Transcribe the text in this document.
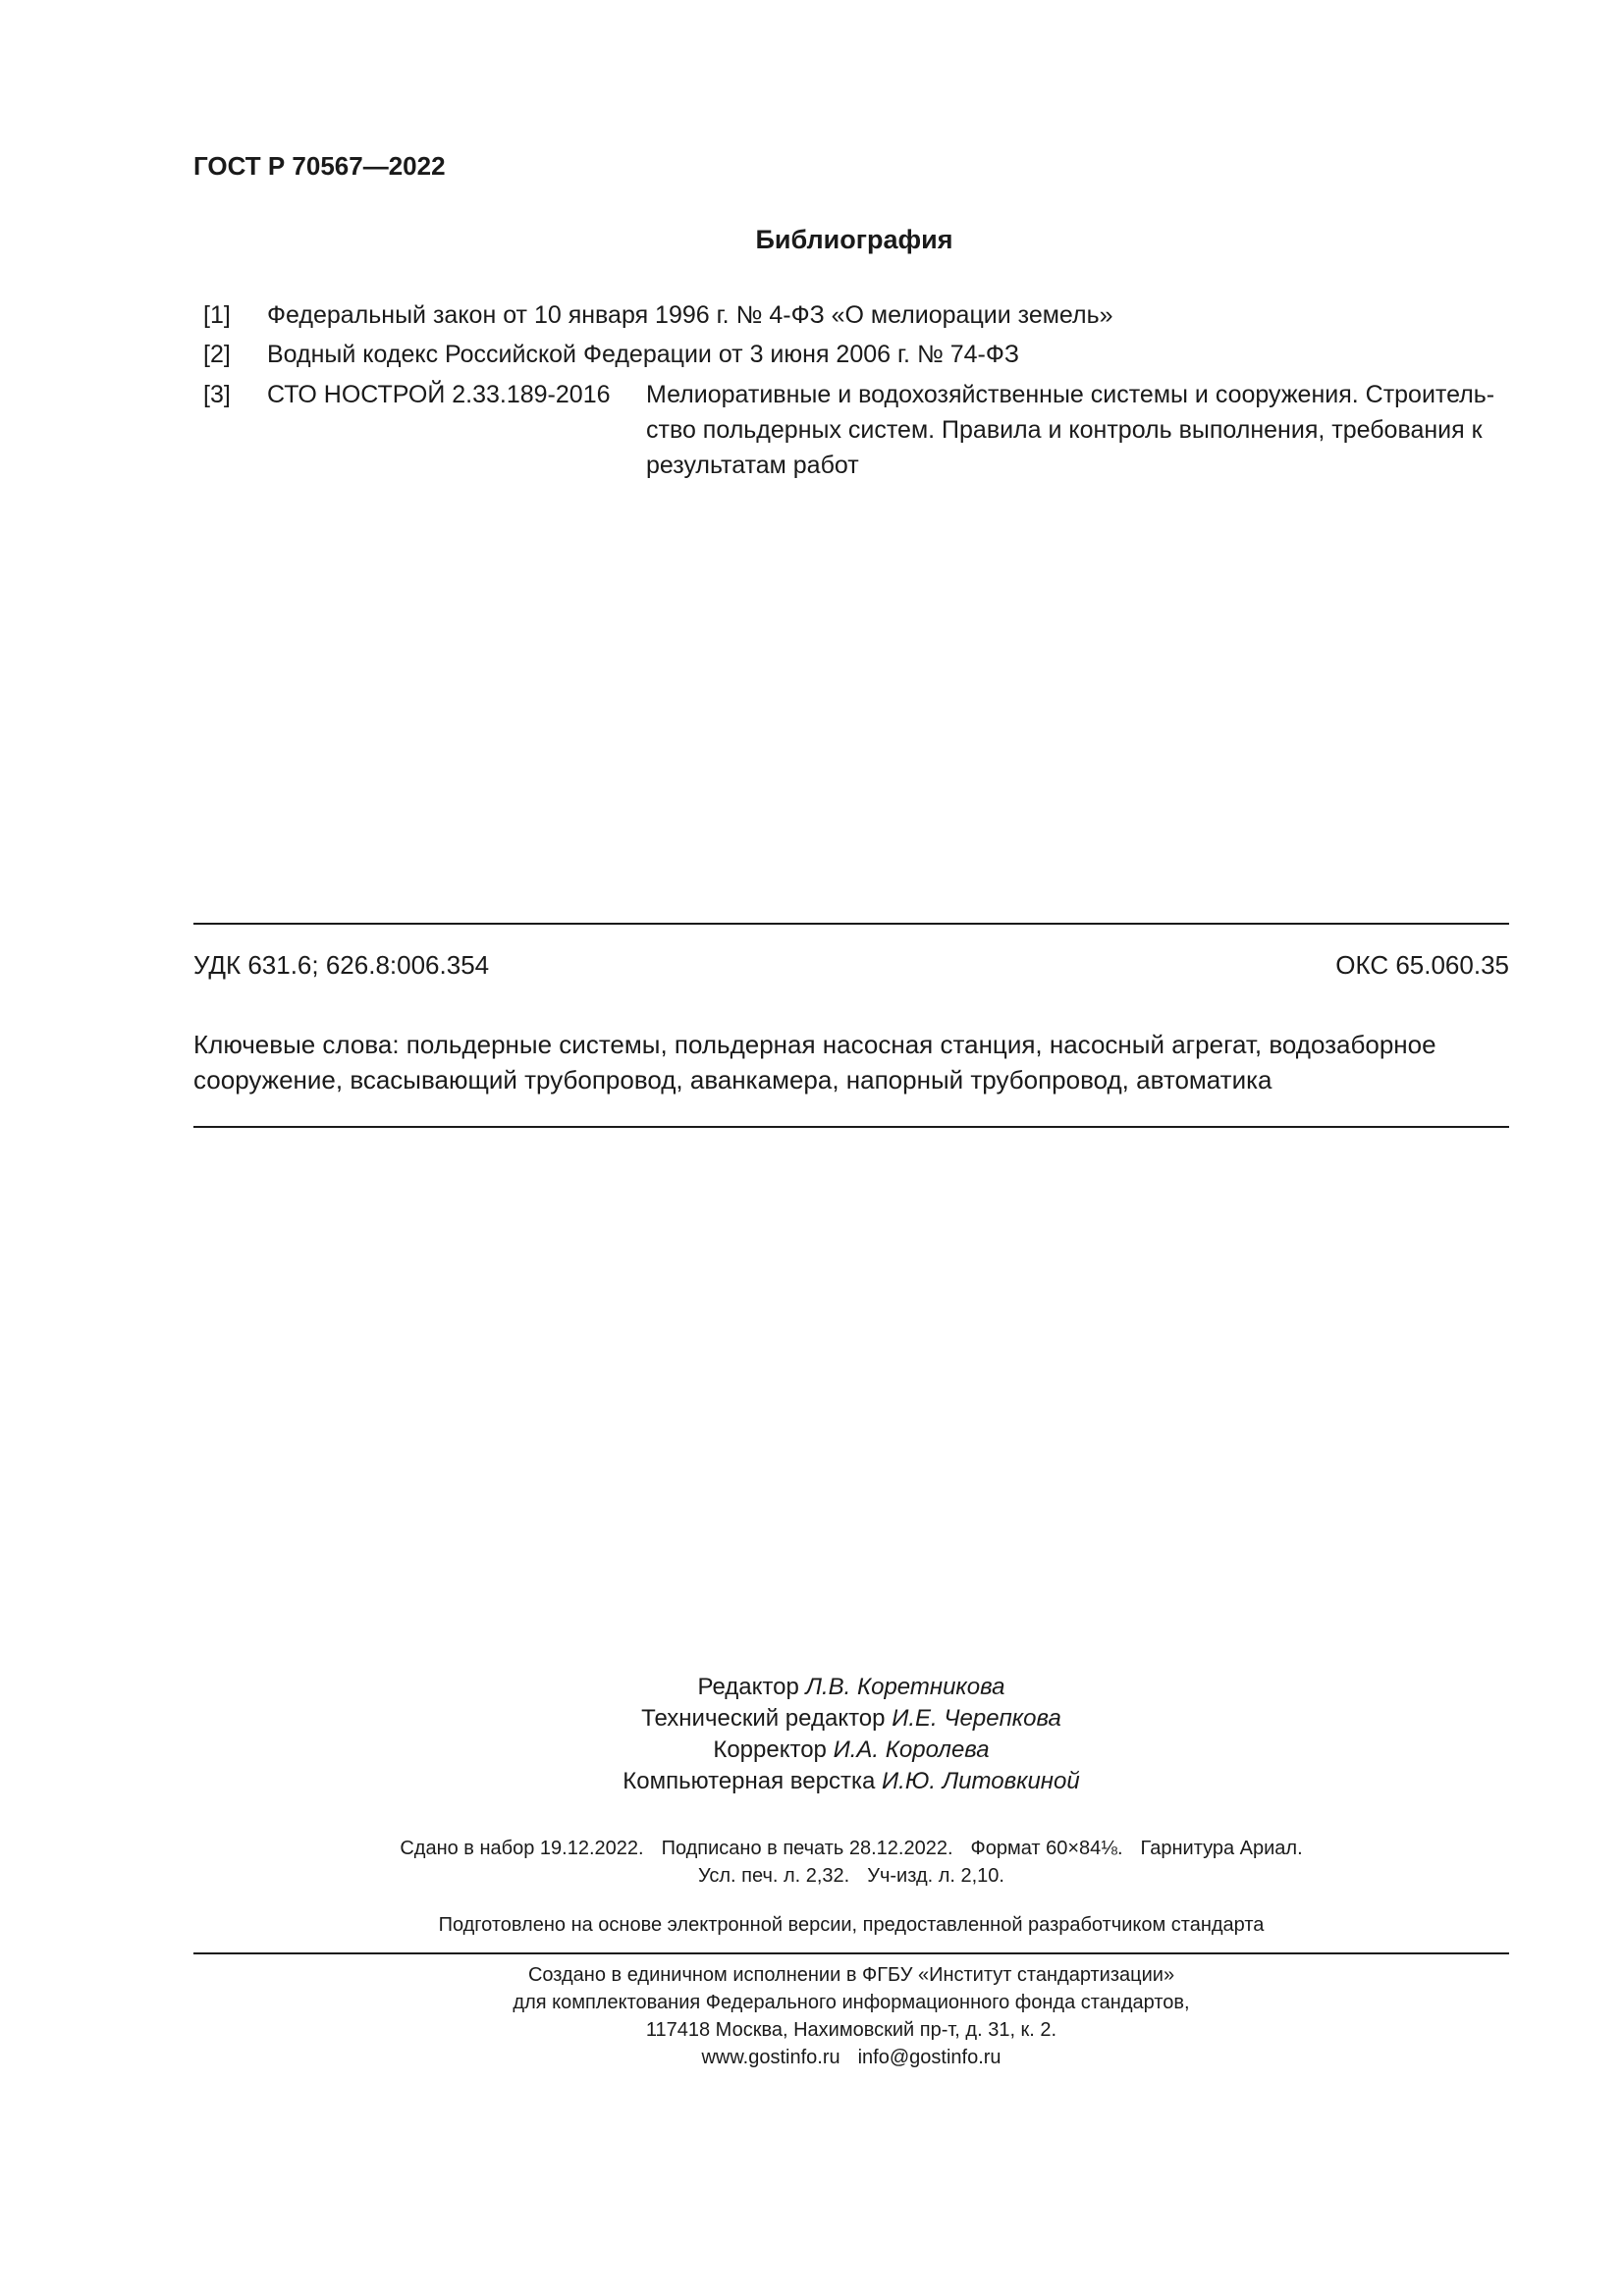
ГОСТ Р 70567—2022
Библиография
[1] Федеральный закон от 10 января 1996 г. № 4-ФЗ «О мелиорации земель»
[2] Водный кодекс Российской Федерации от 3 июня 2006 г. № 74-ФЗ
[3] СТО НОСТРОЙ 2.33.189-2016 Мелиоративные и водохозяйственные системы и сооружения. Строитель-
ство польдерных систем. Правила и контроль выполнения, требования к
результатам работ
УДК 631.6; 626.8:006.354	ОКС 65.060.35
Ключевые слова: польдерные системы, польдерная насосная станция, насосный агрегат, водозаборное
сооружение, всасывающий трубопровод, аванкамера, напорный трубопровод, автоматика
Редактор Л.В. Коретникова
Технический редактор И.Е. Черепкова
Корректор И.А. Королева
Компьютерная верстка И.Ю. Литовкиной
Сдано в набор 19.12.2022. Подписано в печать 28.12.2022. Формат 60×84⅛. Гарнитура Ариал.
Усл. печ. л. 2,32. Уч-изд. л. 2,10.
Подготовлено на основе электронной версии, предоставленной разработчиком стандарта
Создано в единичном исполнении в ФГБУ «Институт стандартизации»
для комплектования Федерального информационного фонда стандартов,
117418 Москва, Нахимовский пр-т, д. 31, к. 2.
www.gostinfo.ru info@gostinfo.ru
